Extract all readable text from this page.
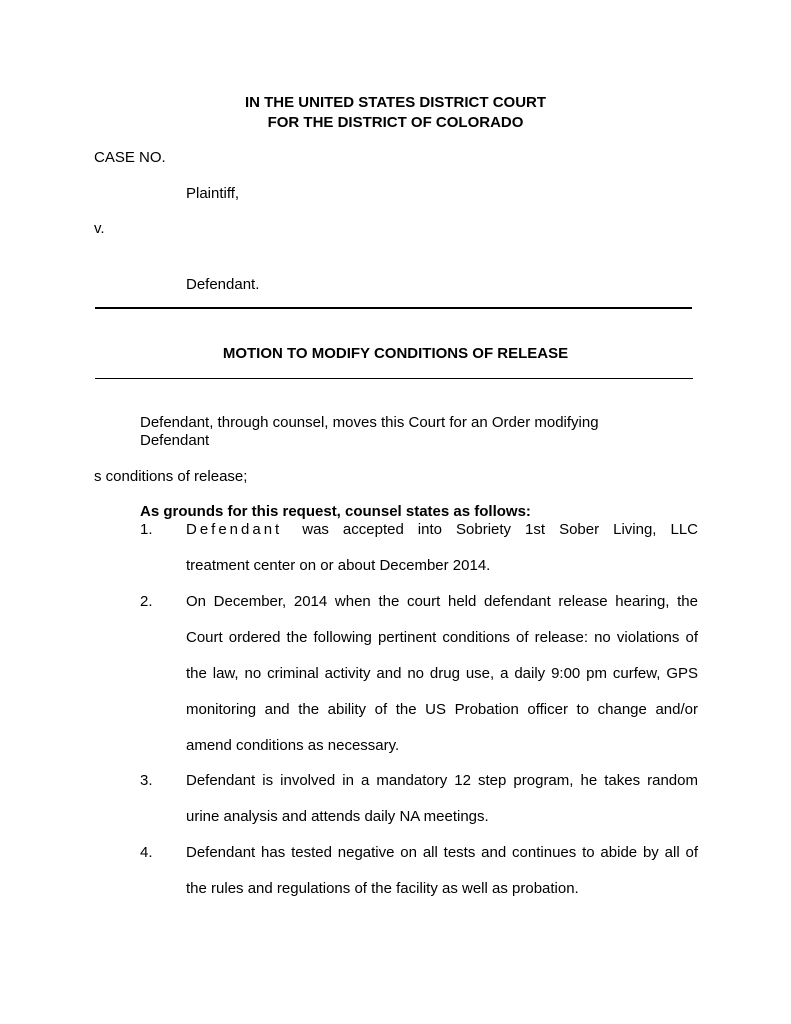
IN THE UNITED STATES DISTRICT COURT
FOR THE DISTRICT OF COLORADO
CASE NO.
Plaintiff,
v.
Defendant.
MOTION TO MODIFY CONDITIONS OF RELEASE
Defendant, through counsel, moves this Court for an Order modifying
Defendant
s conditions of release;
As grounds for this request, counsel states as follows:
1. Defendant was accepted into Sobriety 1st Sober Living, LLC
treatment center on or about December 2014.
2. On December, 2014 when the court held defendant release hearing, the
Court ordered the following pertinent conditions of release: no violations of
the law, no criminal activity and no drug use, a daily 9:00 pm curfew, GPS
monitoring and the ability of the US Probation officer to change and/or
amend conditions as necessary.
3. Defendant is involved in a mandatory 12 step program, he takes random
urine analysis and attends daily NA meetings.
4. Defendant has tested negative on all tests and continues to abide by all of
the rules and regulations of the facility as well as probation.
